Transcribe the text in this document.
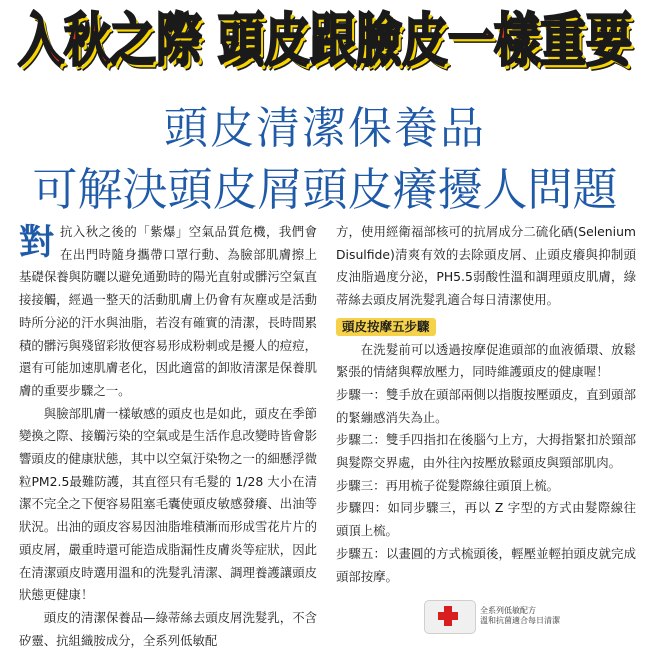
入秋之際 頭皮跟臉皮一樣重要
頭皮清潔保養品
可解決頭皮屑頭皮癢擾人問題
對 抗入秋之後的「紫爆」空氣品質危機，我們會在出門時隨身攜帶口罩行動、為臉部肌膚擦上基礎保養與防曬以避免通勤時的陽光直射或髒污空氣直接接觸，經過一整天的活動肌膚上仍會有灰塵或是活動時所分泌的汗水與油脂，若沒有確實的清潔，長時間累積的髒污與殘留彩妝便容易形成粉刺或是擾人的痘痘，還有可能加速肌膚老化，因此適當的卸妝清潔是保養肌膚的重要步驟之一。

與臉部肌膚一樣敏感的頭皮也是如此，頭皮在季節變換之際、接觸污染的空氣或是生活作息改變時皆會影響頭皮的健康狀態，其中以空氣汙染物之一的細懸浮微粒PM2.5最難防護，其直徑只有毛髮的 1/28 大小在清潔不完全之下便容易阻塞毛囊使頭皮敏感發癢、出油等狀況。出油的頭皮容易因油脂堆積漸而形成雪花片片的頭皮屑，嚴重時還可能造成脂漏性皮膚炎等症狀，因此在清潔頭皮時選用溫和的洗髮乳清潔、調理養護讓頭皮狀態更健康！

頭皮的清潔保養品—綠蒂絲去頭皮屑洗髮乳，不含矽靈、抗組織胺成分，全系列低敏配

方，使用經衛福部核可的抗屑成分二硫化硒(Selenium Disulfide)清爽有效的去除頭皮屑、止頭皮癢與抑制頭皮油脂過度分泌，PH5.5弱酸性溫和調理頭皮肌膚，綠蒂絲去頭皮屑洗髮乳適合每日清潔使用。

頭皮按摩五步驟

在洗髮前可以透過按摩促進頭部的血液循環、放鬆緊張的情緒與釋放壓力，同時維護頭皮的健康喔！

步驟一：雙手放在頭部兩側以指腹按壓頭皮，直到頭部的緊繃感消失為止。

步驟二：雙手四指扣在後腦勺上方，大拇指緊扣於頸部與髮際交界處，由外往內按壓放鬆頭皮與頸部肌肉。

步驟三：再用梳子從髮際線往頭頂上梳。

步驟四：如同步驟三，再以 Z 字型的方式由髮際線往頭頂上梳。

步驟五：以畫圓的方式梳頭後，輕壓並輕拍頭皮就完成頭部按摩。

全系列低敏配方
溫和抗菌適合每日清潔
